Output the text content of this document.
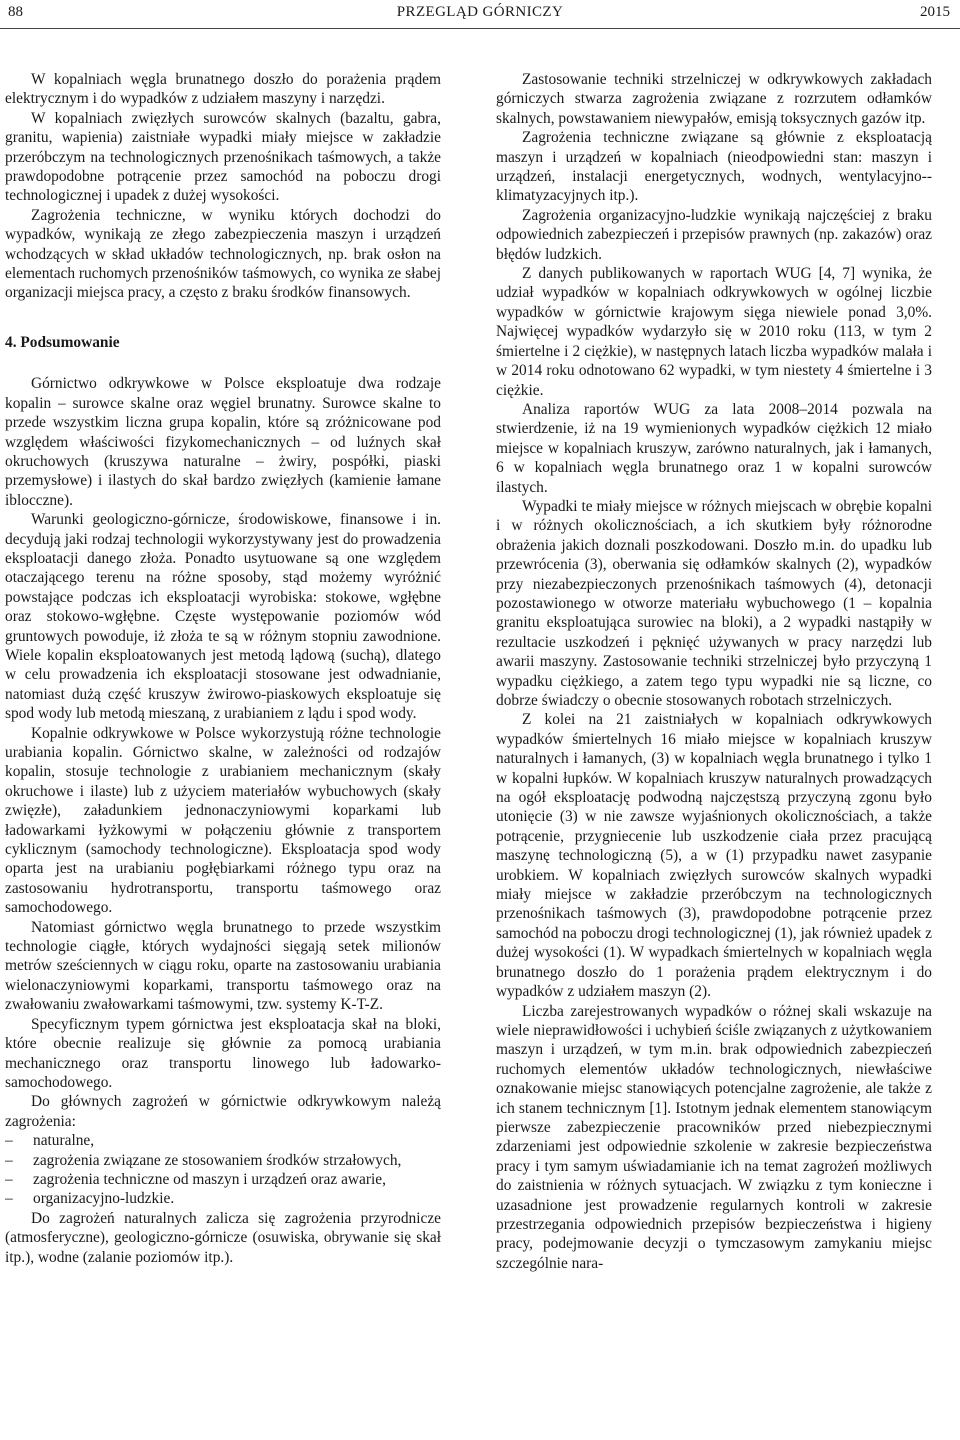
88	PRZEGLĄD GÓRNICZY	2015

W kopalniach węgla brunatnego doszło do porażenia prądem elektrycznym i do wypadków z udziałem maszyny i narzędzi.

W kopalniach zwięzłych surowców skalnych (bazaltu, gabra, granitu, wapienia) zaistniałe wypadki miały miejsce w zakładzie przeróbczym na technologicznych przenośnikach taśmowych, a także prawdopodobne potrącenie przez samochód na poboczu drogi technologicznej i upadek z dużej wysokości.

Zagrożenia techniczne, w wyniku których dochodzi do wypadków, wynikają ze złego zabezpieczenia maszyn i urządzeń wchodzących w skład układów technologicznych, np. brak osłon na elementach ruchomych przenośników taśmowych, co wynika ze słabej organizacji miejsca pracy, a często z braku środków finansowych.

4. Podsumowanie

Górnictwo odkrywkowe w Polsce eksploatuje dwa rodzaje kopalin – surowce skalne oraz węgiel brunatny. Surowce skalne to przede wszystkim liczna grupa kopalin, które są zróżnicowane pod względem właściwości fizykomechanicznych – od luźnych skał okruchowych (kruszywa naturalne – żwiry, pospółki, piaski przemysłowe) i ilastych do skał bardzo zwięzłych (kamienie łamane iblocczne).

Warunki geologiczno-górnicze, środowiskowe, finansowe i in. decydują jaki rodzaj technologii wykorzystywany jest do prowadzenia eksploatacji danego złoża. Ponadto usytuowane są one względem otaczającego terenu na różne sposoby, stąd możemy wyróżnić powstające podczas ich eksploatacji wyrobiska: stokowe, wgłębne oraz stokowo-wgłębne. Częste występowanie poziomów wód gruntowych powoduje, iż złoża te są w różnym stopniu zawodnione. Wiele kopalin eksploatowanych jest metodą lądową (suchą), dlatego w celu prowadzenia ich eksploatacji stosowane jest odwadnianie, natomiast dużą część kruszyw żwirowo-piaskowych eksploatuje się spod wody lub metodą mieszaną, z urabianiem z lądu i spod wody.

Kopalnie odkrywkowe w Polsce wykorzystują różne technologie urabiania kopalin. Górnictwo skalne, w zależności od rodzajów kopalin, stosuje technologie z urabianiem mechanicznym (skały okruchowe i ilaste) lub z użyciem materiałów wybuchowych (skały zwięzłe), załadunkiem jednonaczyniowymi koparkami lub ładowarkami łyżkowymi w połączeniu głównie z transportem cyklicznym (samochody technologiczne). Eksploatacja spod wody oparta jest na urabianiu pogłębiarkami różnego typu oraz na zastosowaniu hydrotransportu, transportu taśmowego oraz samochodowego.

Natomiast górnictwo węgla brunatnego to przede wszystkim technologie ciągłe, których wydajności sięgają setek milionów metrów sześciennych w ciągu roku, oparte na zastosowaniu urabiania wielonaczyniowymi koparkami, transportu taśmowego oraz na zwałowaniu zwałowarkami taśmowymi, tzw. systemy K-T-Z.

Specyficznym typem górnictwa jest eksploatacja skał na bloki, które obecnie realizuje się głównie za pomocą urabiania mechanicznego oraz transportu linowego lub ładowarko-samochodowego.

Do głównych zagrożeń w górnictwie odkrywkowym należą zagrożenia:

– naturalne,
– zagrożenia związane ze stosowaniem środków strzałowych,
– zagrożenia techniczne od maszyn i urządzeń oraz awarie,
– organizacyjno-ludzkie.

Do zagrożeń naturalnych zalicza się zagrożenia przyrodnicze (atmosferyczne), geologiczno-górnicze (osuwiska, obrywanie się skał itp.), wodne (zalanie poziomów itp.).

Zastosowanie techniki strzelniczej w odkrywkowych zakładach górniczych stwarza zagrożenia związane z rozrzutem odłamków skalnych, powstawaniem niewypałów, emisją toksycznych gazów itp.

Zagrożenia techniczne związane są głównie z eksploatacją maszyn i urządzeń w kopalniach (nieodpowiedni stan: maszyn i urządzeń, instalacji energetycznych, wodnych, wentylacyjno--klimatyzacyjnych itp.).

Zagrożenia organizacyjno-ludzkie wynikają najczęściej z braku odpowiednich zabezpieczeń i przepisów prawnych (np. zakazów) oraz błędów ludzkich.

Z danych publikowanych w raportach WUG [4, 7] wynika, że udział wypadków w kopalniach odkrywkowych w ogólnej liczbie wypadków w górnictwie krajowym sięga niewiele ponad 3,0%. Najwięcej wypadków wydarzyło się w 2010 roku (113, w tym 2 śmiertelne i 2 ciężkie), w następnych latach liczba wypadków malała i w 2014 roku odnotowano 62 wypadki, w tym niestety 4 śmiertelne i 3 ciężkie.

Analiza raportów WUG za lata 2008–2014 pozwala na stwierdzenie, iż na 19 wymienionych wypadków ciężkich 12 miało miejsce w kopalniach kruszyw, zarówno naturalnych, jak i łamanych, 6 w kopalniach węgla brunatnego oraz 1 w kopalni surowców ilastych.

Wypadki te miały miejsce w różnych miejscach w obrębie kopalni i w różnych okolicznościach, a ich skutkiem były różnorodne obrażenia jakich doznali poszkodowani. Doszło m.in. do upadku lub przewrócenia (3), oberwania się odłamków skalnych (2), wypadków przy niezabezpieczonych przenośnikach taśmowych (4), detonacji pozostawionego w otworze materiału wybuchowego (1 – kopalnia granitu eksploatująca surowiec na bloki), a 2 wypadki nastąpiły w rezultacie uszkodzeń i pęknięć używanych w pracy narzędzi lub awarii maszyny. Zastosowanie techniki strzelniczej było przyczyną 1 wypadku ciężkiego, a zatem tego typu wypadki nie są liczne, co dobrze świadczy o obecnie stosowanych robotach strzelniczych.

Z kolei na 21 zaistniałych w kopalniach odkrywkowych wypadków śmiertelnych 16 miało miejsce w kopalniach kruszyw naturalnych i łamanych, (3) w kopalniach węgla brunatnego i tylko 1 w kopalni łupków. W kopalniach kruszyw naturalnych prowadzących na ogół eksploatację podwodną najczęstszą przyczyną zgonu było utonięcie (3) w nie zawsze wyjaśnionych okolicznościach, a także potrącenie, przygniecenie lub uszkodzenie ciała przez pracującą maszynę technologiczną (5), a w (1) przypadku nawet zasypanie urobkiem. W kopalniach zwięzłych surowców skalnych wypadki miały miejsce w zakładzie przeróbczym na technologicznych przenośnikach taśmowych (3), prawdopodobne potrącenie przez samochód na poboczu drogi technologicznej (1), jak również upadek z dużej wysokości (1). W wypadkach śmiertelnych w kopalniach węgla brunatnego doszło do 1 porażenia prądem elektrycznym i do wypadków z udziałem maszyn (2).

Liczba zarejestrowanych wypadków o różnej skali wskazuje na wiele nieprawidłowości i uchybień ściśle związanych z użytkowaniem maszyn i urządzeń, w tym m.in. brak odpowiednich zabezpieczeń ruchomych elementów układów technologicznych, niewłaściwe oznakowanie miejsc stanowiących potencjalne zagrożenie, ale także z ich stanem technicznym [1]. Istotnym jednak elementem stanowiącym pierwsze zabezpieczenie pracowników przed niebezpiecznymi zdarzeniami jest odpowiednie szkolenie w zakresie bezpieczeństwa pracy i tym samym uświadamianie ich na temat zagrożeń możliwych do zaistnienia w różnych sytuacjach. W związku z tym konieczne i uzasadnione jest prowadzenie regularnych kontroli w zakresie przestrzegania odpowiednich przepisów bezpieczeństwa i higieny pracy, podejmowanie decyzji o tymczasowym zamykaniu miejsc szczególnie nara-
